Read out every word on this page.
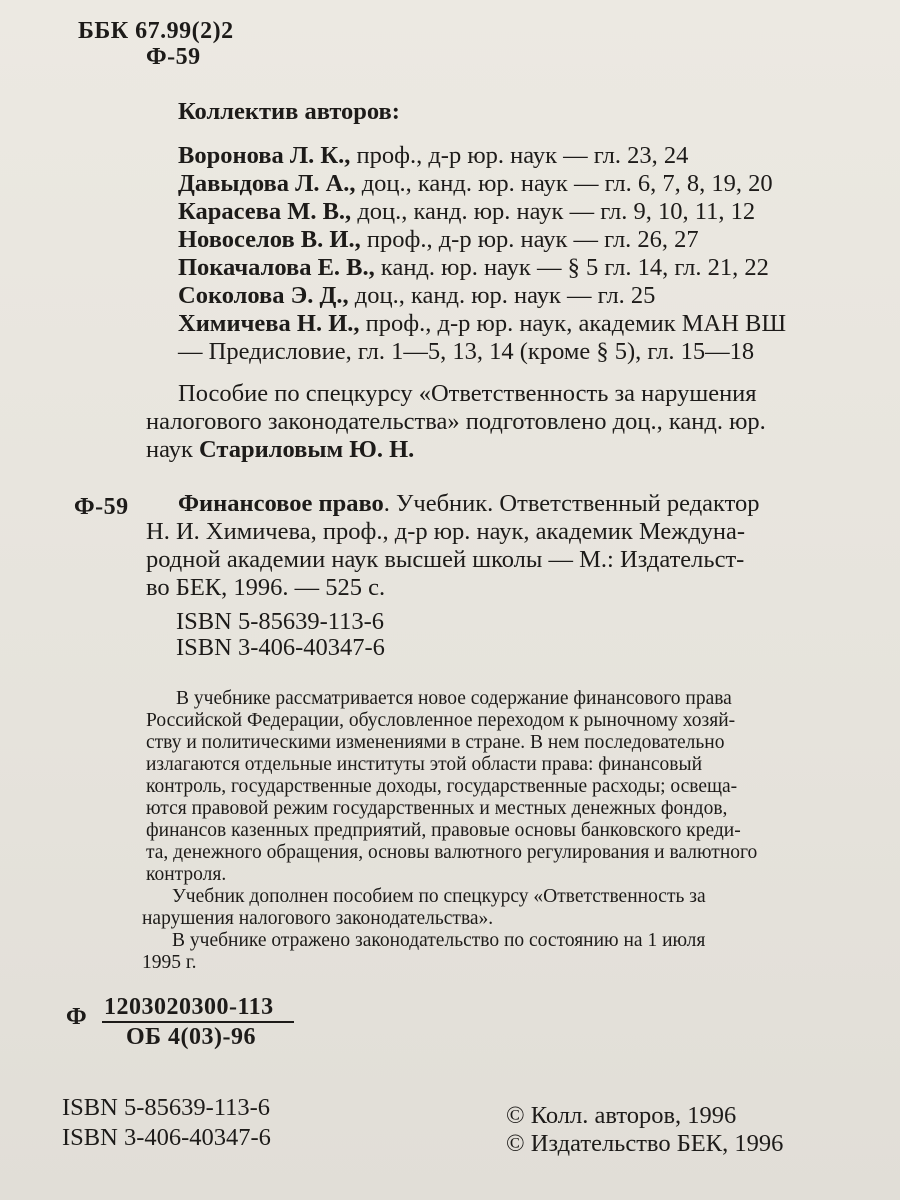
ББК 67.99(2)2
Ф-59
Коллектив авторов:
Воронова Л. К., проф., д-р юр. наук — гл. 23, 24
Давыдова Л. А., доц., канд. юр. наук — гл. 6, 7, 8, 19, 20
Карасева М. В., доц., канд. юр. наук — гл. 9, 10, 11, 12
Новоселов В. И., проф., д-р юр. наук — гл. 26, 27
Покачалова Е. В., канд. юр. наук — § 5 гл. 14, гл. 21, 22
Соколова Э. Д., доц., канд. юр. наук — гл. 25
Химичева Н. И., проф., д-р юр. наук, академик МАН ВШ
— Предисловие, гл. 1—5, 13, 14 (кроме § 5), гл. 15—18
Пособие по спецкурсу «Ответственность за нарушения
налогового законодательства» подготовлено доц., канд. юр.
наук Стариловым Ю. Н.
Ф-59 Финансовое право. Учебник. Ответственный редактор
Н. И. Химичева, проф., д-р юр. наук, академик Междуна-
родной академии наук высшей школы — М.: Издательст-
во БЕК, 1996. — 525 с.
ISBN 5-85639-113-6
ISBN 3-406-40347-6
В учебнике рассматривается новое содержание финансового права
Российской Федерации, обусловленное переходом к рыночному хозяй-
ству и политическими изменениями в стране. В нем последовательно
излагаются отдельные институты этой области права: финансовый
контроль, государственные доходы, государственные расходы; освеща-
ются правовой режим государственных и местных денежных фондов,
финансов казенных предприятий, правовые основы банковского креди-
та, денежного обращения, основы валютного регулирования и валютного
контроля.
Учебник дополнен пособием по спецкурсу «Ответственность за
нарушения налогового законодательства».
В учебнике отражено законодательство по состоянию на 1 июля
1995 г.
Ф 1203020300-113
ОБ 4(03)-96
ISBN 5-85639-113-6
ISBN 3-406-40347-6
© Колл. авторов, 1996
© Издательство БЕК, 1996
